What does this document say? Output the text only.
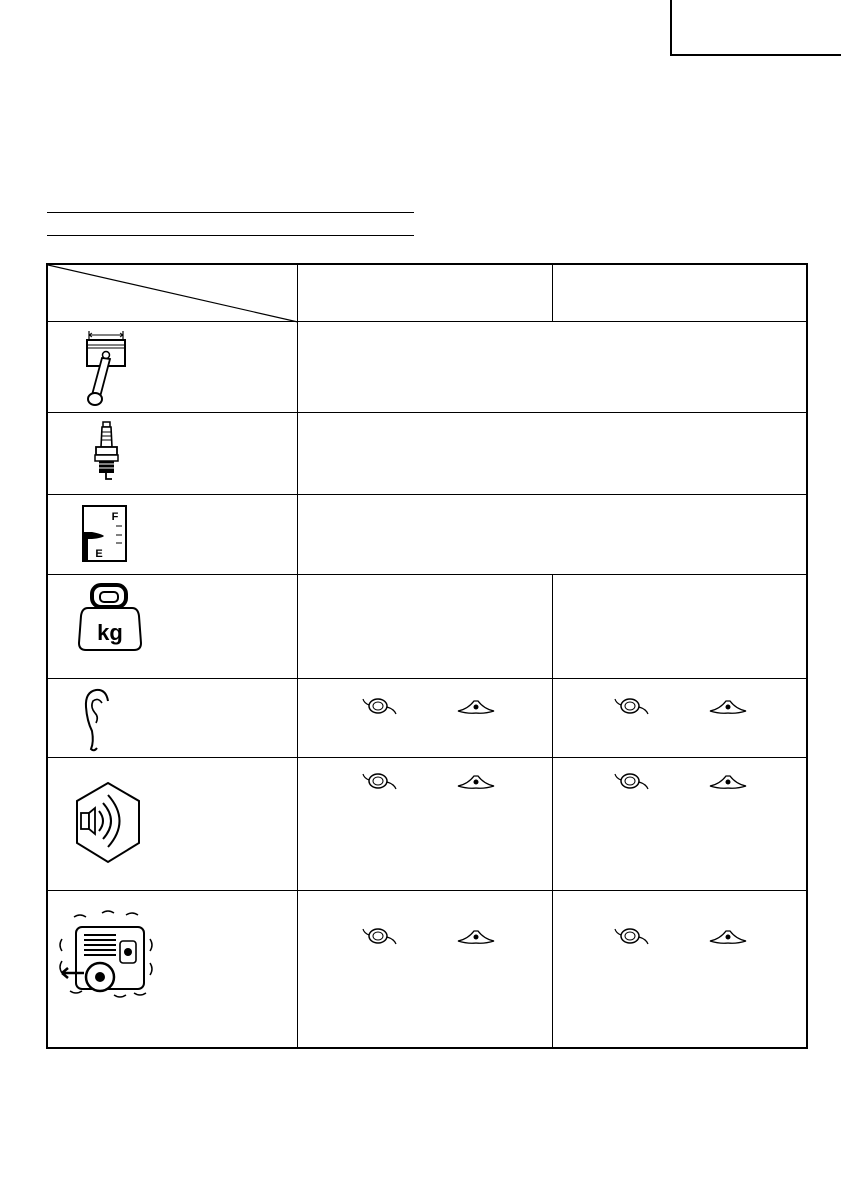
F
E
kg
